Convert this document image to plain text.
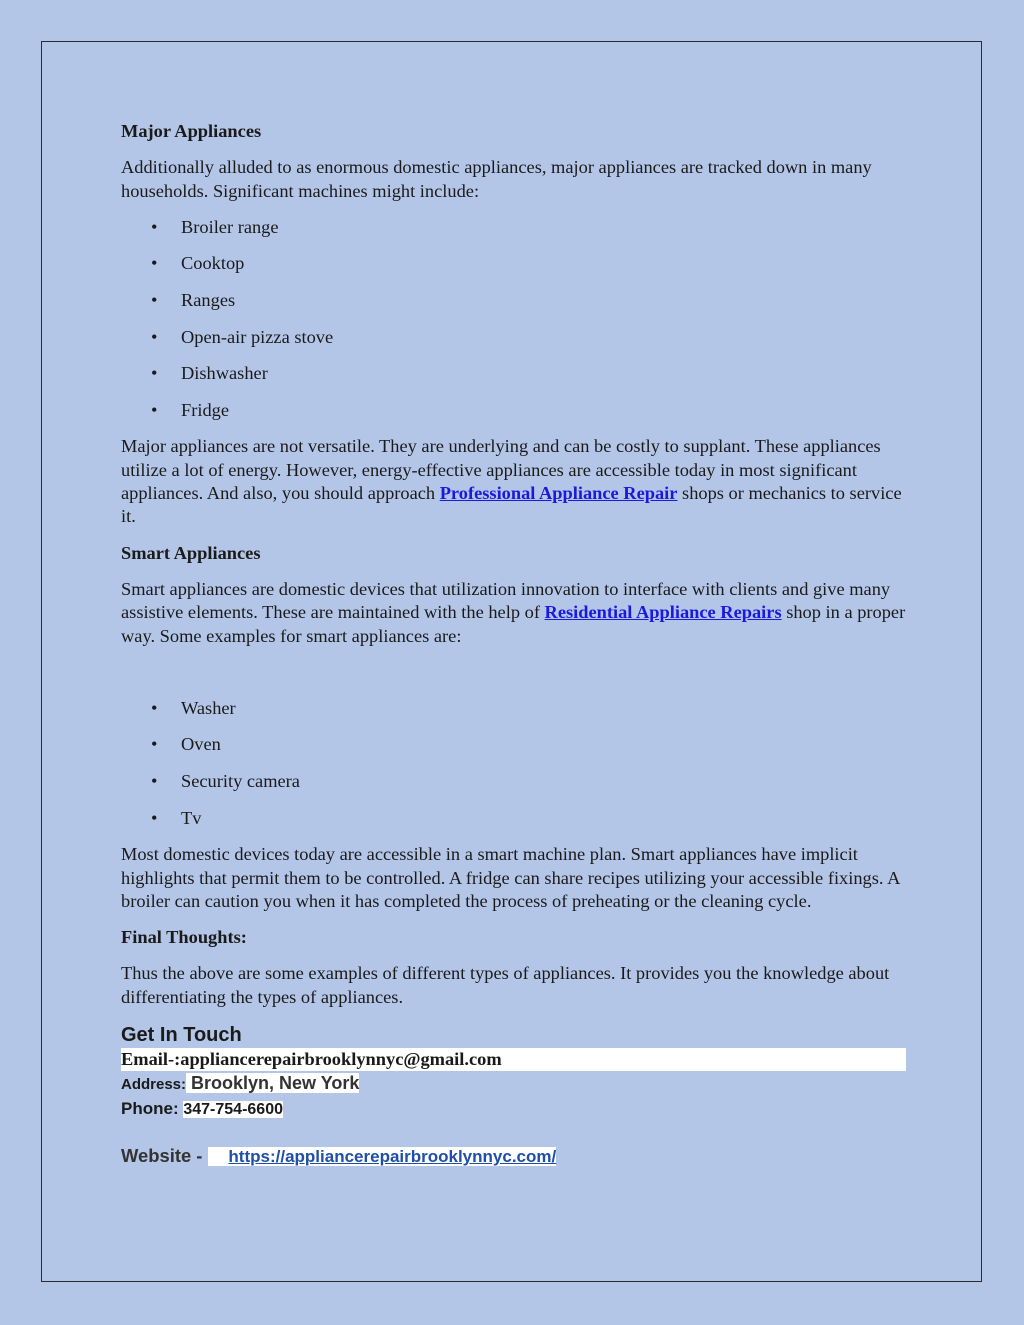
Major Appliances

Additionally alluded to as enormous domestic appliances, major appliances are tracked down in many households. Significant machines might include:

• Broiler range
• Cooktop
• Ranges
• Open-air pizza stove
• Dishwasher
• Fridge

Major appliances are not versatile. They are underlying and can be costly to supplant. These appliances utilize a lot of energy. However, energy-effective appliances are accessible today in most significant appliances. And also, you should approach Professional Appliance Repair shops or mechanics to service it.

Smart Appliances

Smart appliances are domestic devices that utilization innovation to interface with clients and give many assistive elements. These are maintained with the help of Residential Appliance Repairs shop in a proper way. Some examples for smart appliances are:

• Washer
• Oven
• Security camera
• Tv

Most domestic devices today are accessible in a smart machine plan. Smart appliances have implicit highlights that permit them to be controlled. A fridge can share recipes utilizing your accessible fixings. A broiler can caution you when it has completed the process of preheating or the cleaning cycle.

Final Thoughts:

Thus the above are some examples of different types of appliances. It provides you the knowledge about differentiating the types of appliances.

Get In Touch

Email-:appliancerepairbrooklynnyc@gmail.com

Address: Brooklyn, New York

Phone: 347-754-6600

Website - https://appliancerepairbrooklynnyc.com/
